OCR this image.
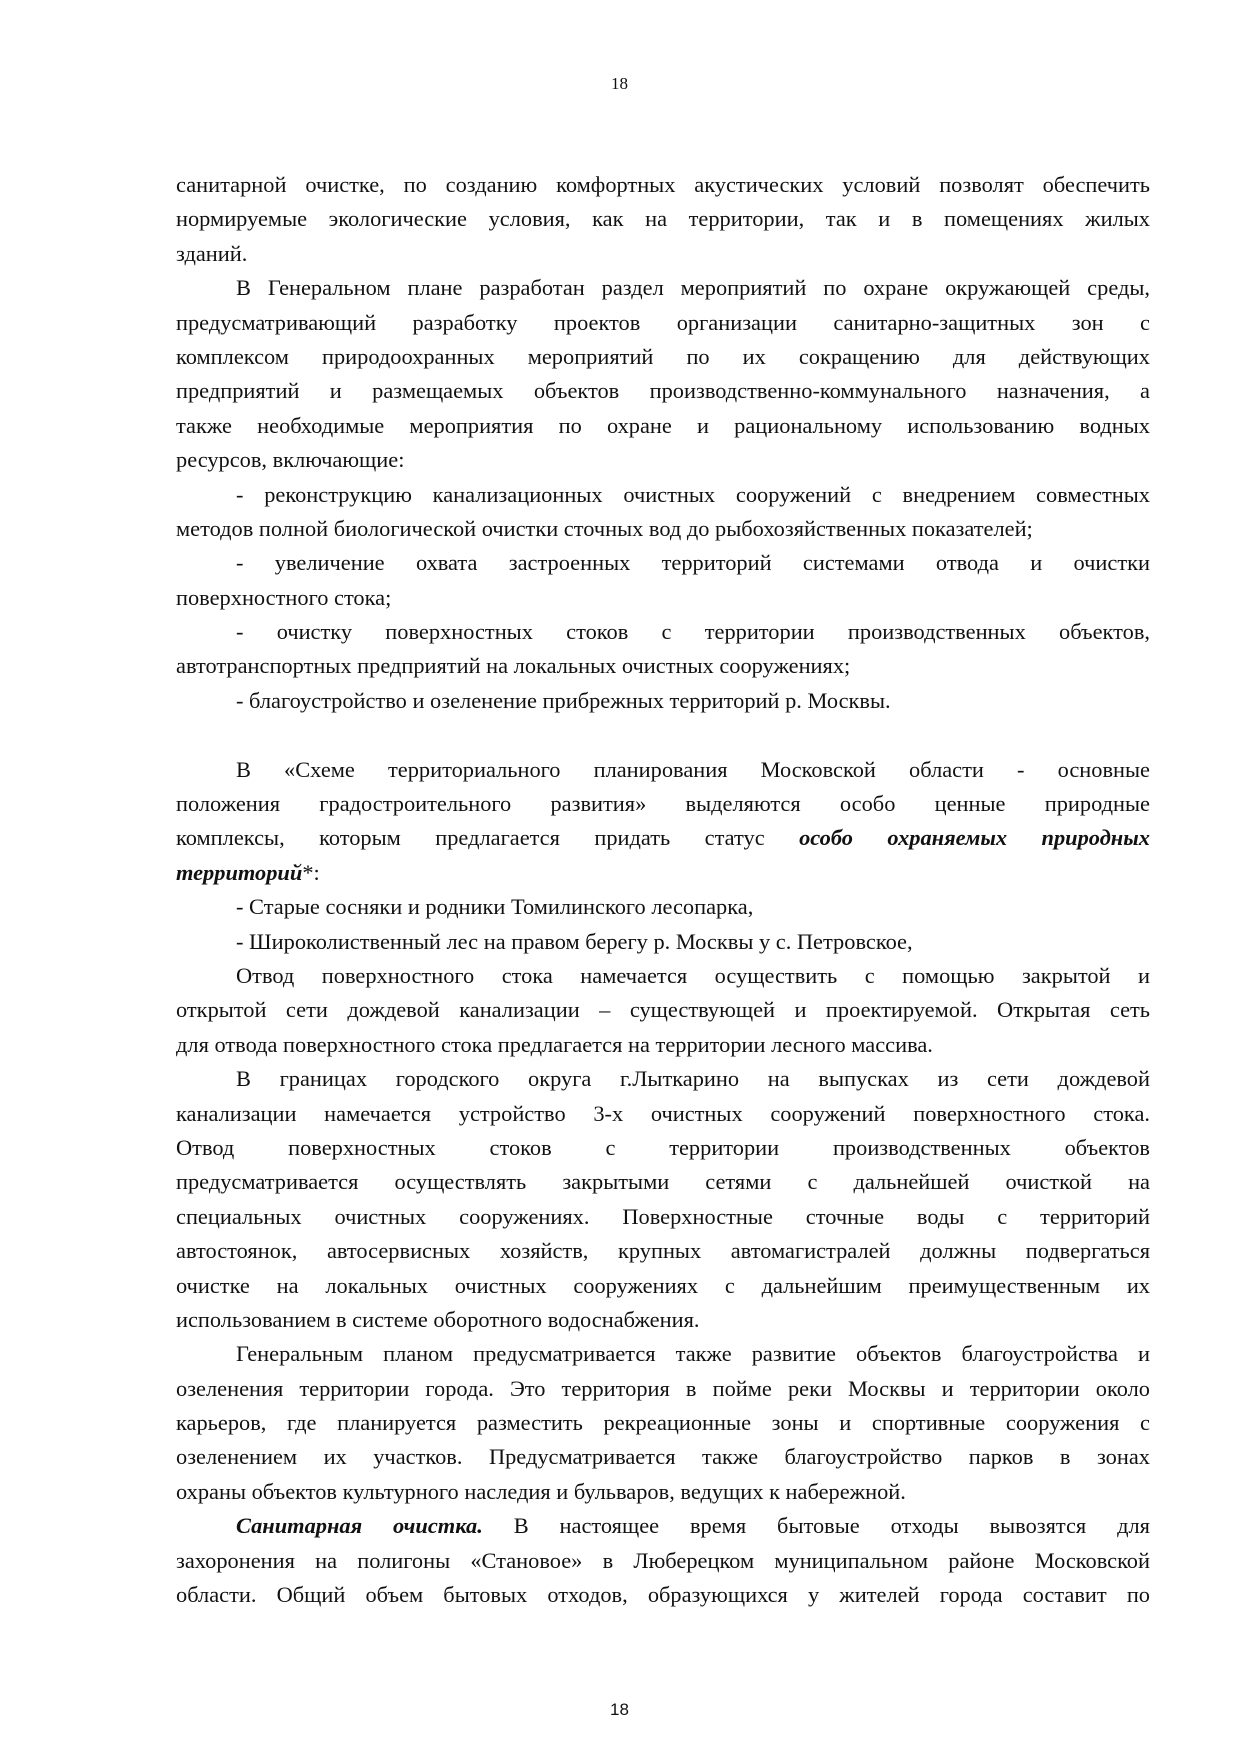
18
санитарной очистке, по созданию комфортных акустических условий позволят обеспечить
нормируемые экологические условия, как на территории, так и в помещениях жилых
зданий.
В Генеральном плане разработан раздел мероприятий по охране окружающей среды,
предусматривающий разработку проектов организации санитарно-защитных зон с
комплексом природоохранных мероприятий по их сокращению для действующих
предприятий и размещаемых объектов производственно-коммунального назначения, а
также необходимые мероприятия по охране и рациональному использованию водных
ресурсов, включающие:
- реконструкцию канализационных очистных сооружений с внедрением совместных
методов полной биологической очистки сточных вод до рыбохозяйственных показателей;
- увеличение охвата застроенных территорий системами отвода и очистки
поверхностного стока;
- очистку поверхностных стоков с территории производственных объектов,
автотранспортных предприятий на локальных очистных сооружениях;
- благоустройство и озеленение прибрежных территорий р. Москвы.
В «Схеме территориального планирования Московской области - основные
положения градостроительного развития» выделяются особо ценные природные
комплексы, которым предлагается придать статус особо охраняемых природных
территорий*:
- Старые сосняки и родники Томилинского лесопарка,
- Широколиственный лес на правом берегу р. Москвы у с. Петровское,
Отвод поверхностного стока намечается осуществить с помощью закрытой и
открытой сети дождевой канализации – существующей и проектируемой. Открытая сеть
для отвода поверхностного стока предлагается на территории лесного массива.
В границах городского округа г.Лыткарино на выпусках из сети дождевой
канализации намечается устройство 3-х очистных сооружений поверхностного стока.
Отвод поверхностных стоков с территории производственных объектов
предусматривается осуществлять закрытыми сетями с дальнейшей очисткой на
специальных очистных сооружениях. Поверхностные сточные воды с территорий
автостоянок, автосервисных хозяйств, крупных автомагистралей должны подвергаться
очистке на локальных очистных сооружениях с дальнейшим преимущественным их
использованием в системе оборотного водоснабжения.
Генеральным планом предусматривается также развитие объектов благоустройства и
озеленения территории города. Это территория в пойме реки Москвы и территории около
карьеров, где планируется разместить рекреационные зоны и спортивные сооружения с
озеленением их участков. Предусматривается также благоустройство парков в зонах
охраны объектов культурного наследия и бульваров, ведущих к набережной.
Санитарная очистка. В настоящее время бытовые отходы вывозятся для
захоронения на полигоны «Становое» в Люберецком муниципальном районе Московской
области. Общий объем бытовых отходов, образующихся у жителей города составит по
18
